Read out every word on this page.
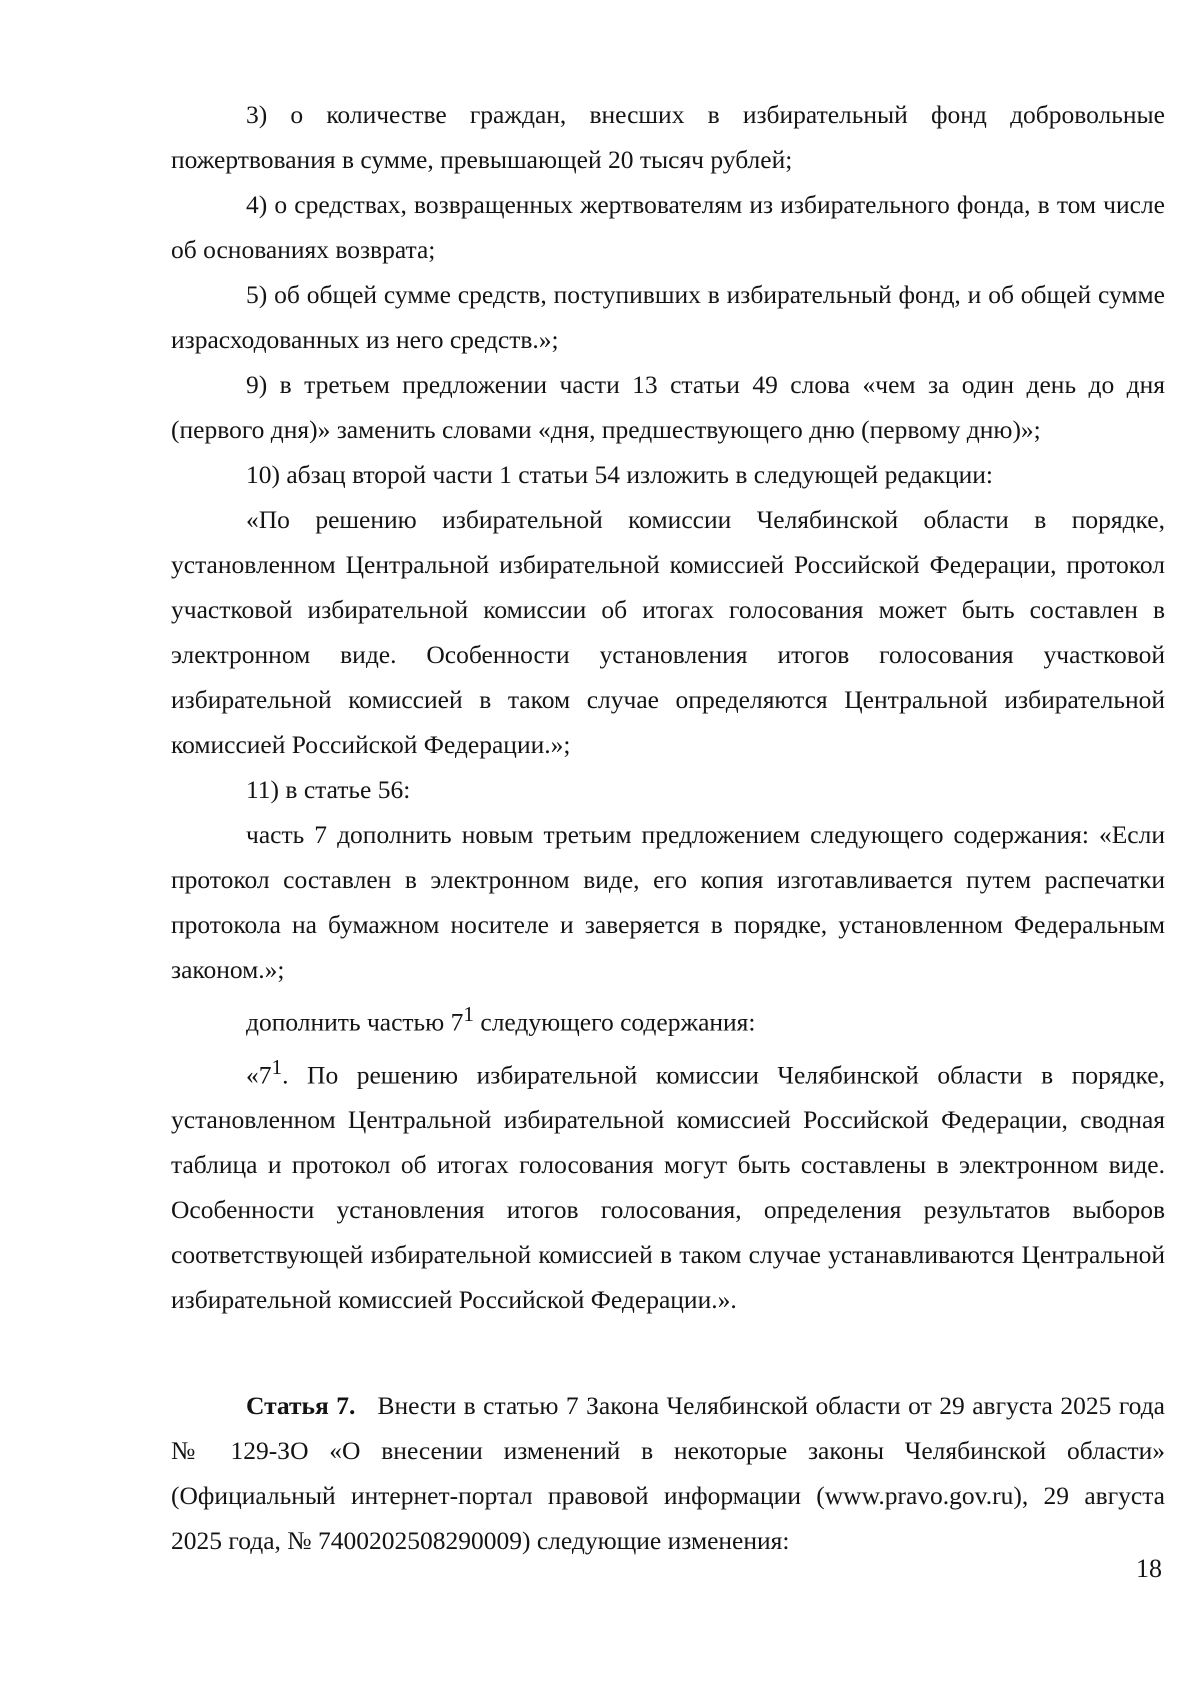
3) о количестве граждан, внесших в избирательный фонд добровольные пожертвования в сумме, превышающей 20 тысяч рублей;

4) о средствах, возвращенных жертвователям из избирательного фонда, в том числе об основаниях возврата;

5) об общей сумме средств, поступивших в избирательный фонд, и об общей сумме израсходованных из него средств.»;

9) в третьем предложении части 13 статьи 49 слова «чем за один день до дня (первого дня)» заменить словами «дня, предшествующего дню (первому дню)»;

10) абзац второй части 1 статьи 54 изложить в следующей редакции:

«По решению избирательной комиссии Челябинской области в порядке, установленном Центральной избирательной комиссией Российской Федерации, протокол участковой избирательной комиссии об итогах голосования может быть составлен в электронном виде. Особенности установления итогов голосования участковой избирательной комиссией в таком случае определяются Центральной избирательной комиссией Российской Федерации.»;

11) в статье 56:

часть 7 дополнить новым третьим предложением следующего содержания: «Если протокол составлен в электронном виде, его копия изготавливается путем распечатки протокола на бумажном носителе и заверяется в порядке, установленном Федеральным законом.»;

дополнить частью $7^1$ следующего содержания:

«$7^1$. По решению избирательной комиссии Челябинской области в порядке, установленном Центральной избирательной комиссией Российской Федерации, сводная таблица и протокол об итогах голосования могут быть составлены в электронном виде. Особенности установления итогов голосования, определения результатов выборов соответствующей избирательной комиссией в таком случае устанавливаются Центральной избирательной комиссией Российской Федерации.».

Статья 7. Внести в статью 7 Закона Челябинской области от 29 августа 2025 года № 129-ЗО «О внесении изменений в некоторые законы Челябинской области» (Официальный интернет-портал правовой информации (www.pravo.gov.ru), 29 августа 2025 года, № 7400202508290009) следующие изменения:

18
